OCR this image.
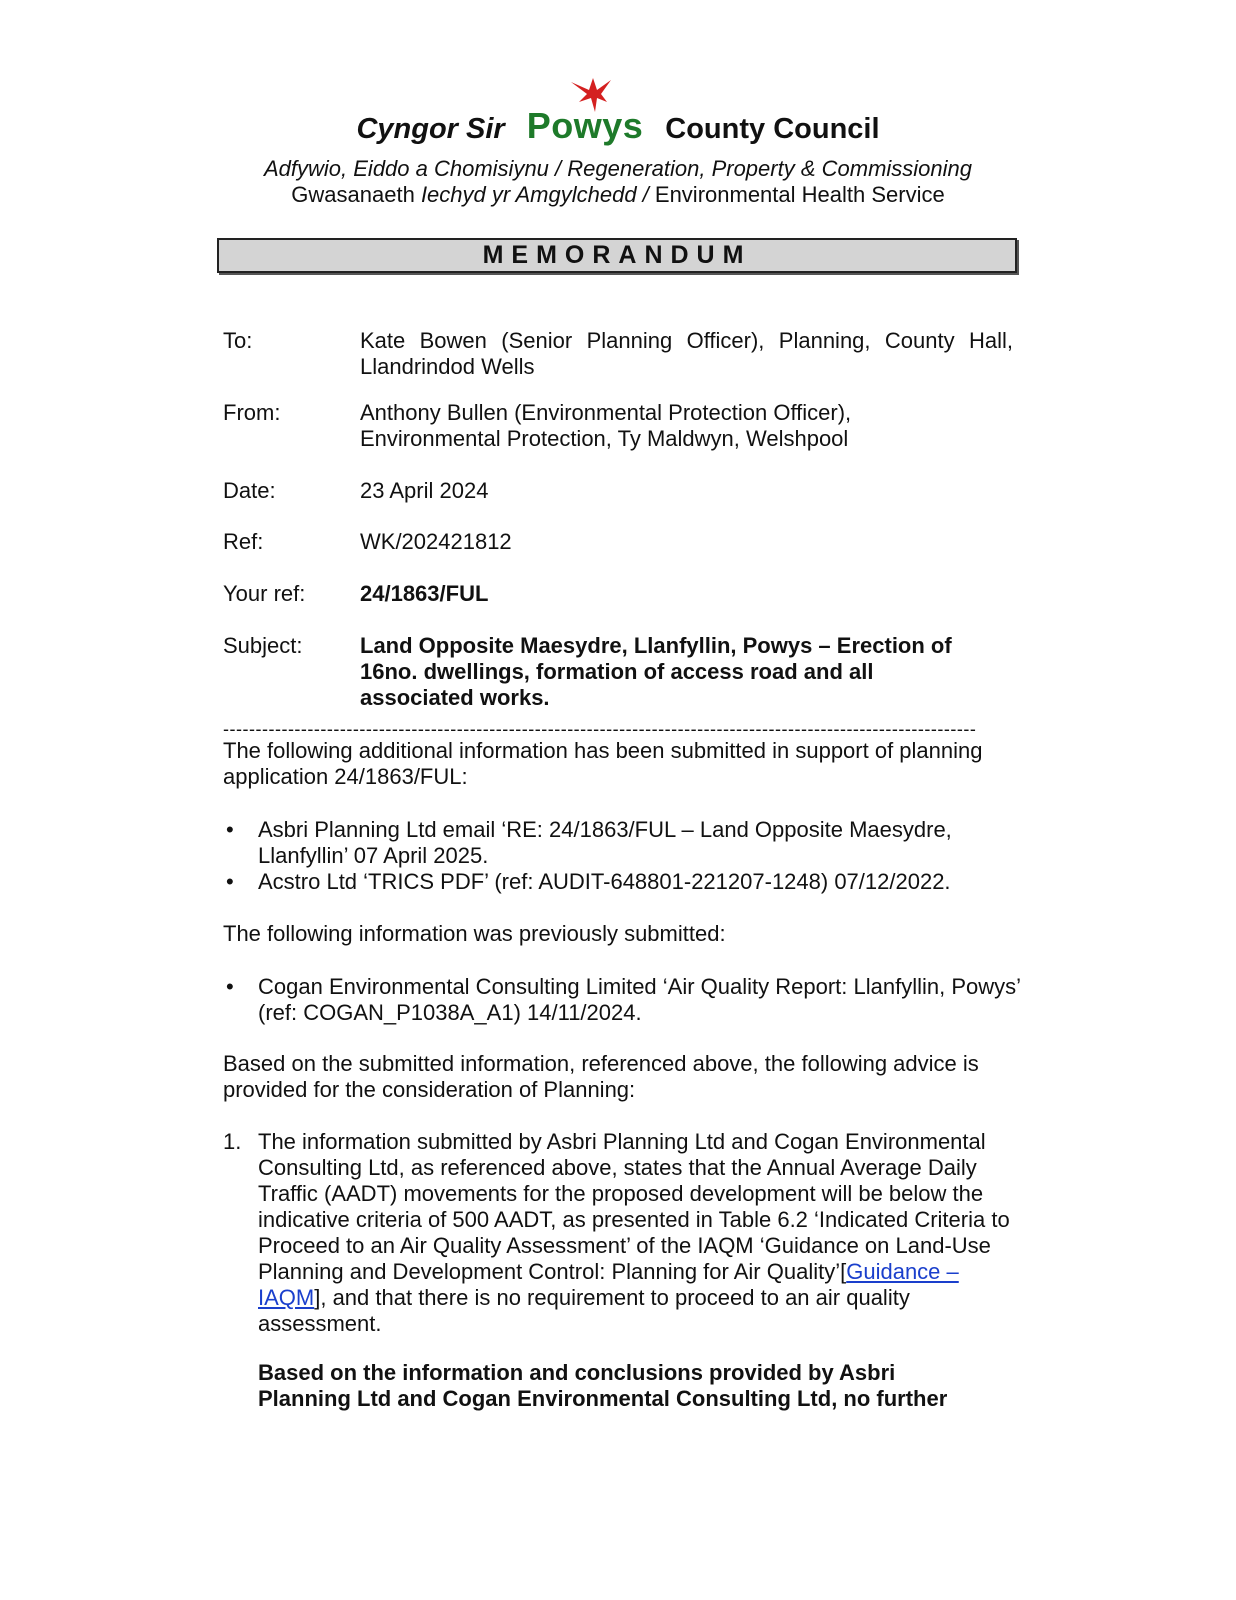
Cyngor Sir Powys County Council
Adfywio, Eiddo a Chomisiynu / Regeneration, Property & Commissioning
Gwasanaeth Iechyd yr Amgylchedd / Environmental Health Service
MEMORANDUM
To:	Kate Bowen (Senior Planning Officer), Planning, County Hall, Llandrindod Wells
From:	Anthony Bullen (Environmental Protection Officer),
Environmental Protection, Ty Maldwyn, Welshpool
Date:	23 April 2024
Ref:	WK/202421812
Your ref:	24/1863/FUL
Subject:	Land Opposite Maesydre, Llanfyllin, Powys – Erection of 16no. dwellings, formation of access road and all associated works.
--------------------------------------------------------------------------------------------------------------------
The following additional information has been submitted in support of planning application 24/1863/FUL:
• Asbri Planning Ltd email ‘RE: 24/1863/FUL – Land Opposite Maesydre, Llanfyllin’ 07 April 2025.
• Acstro Ltd ‘TRICS PDF’ (ref: AUDIT-648801-221207-1248) 07/12/2022.
The following information was previously submitted:
• Cogan Environmental Consulting Limited ‘Air Quality Report: Llanfyllin, Powys’ (ref: COGAN_P1038A_A1) 14/11/2024.
Based on the submitted information, referenced above, the following advice is provided for the consideration of Planning:
1. The information submitted by Asbri Planning Ltd and Cogan Environmental Consulting Ltd, as referenced above, states that the Annual Average Daily Traffic (AADT) movements for the proposed development will be below the indicative criteria of 500 AADT, as presented in Table 6.2 ‘Indicated Criteria to Proceed to an Air Quality Assessment’ of the IAQM ‘Guidance on Land-Use Planning and Development Control: Planning for Air Quality’[Guidance – IAQM], and that there is no requirement to proceed to an air quality assessment.
Based on the information and conclusions provided by Asbri Planning Ltd and Cogan Environmental Consulting Ltd, no further
